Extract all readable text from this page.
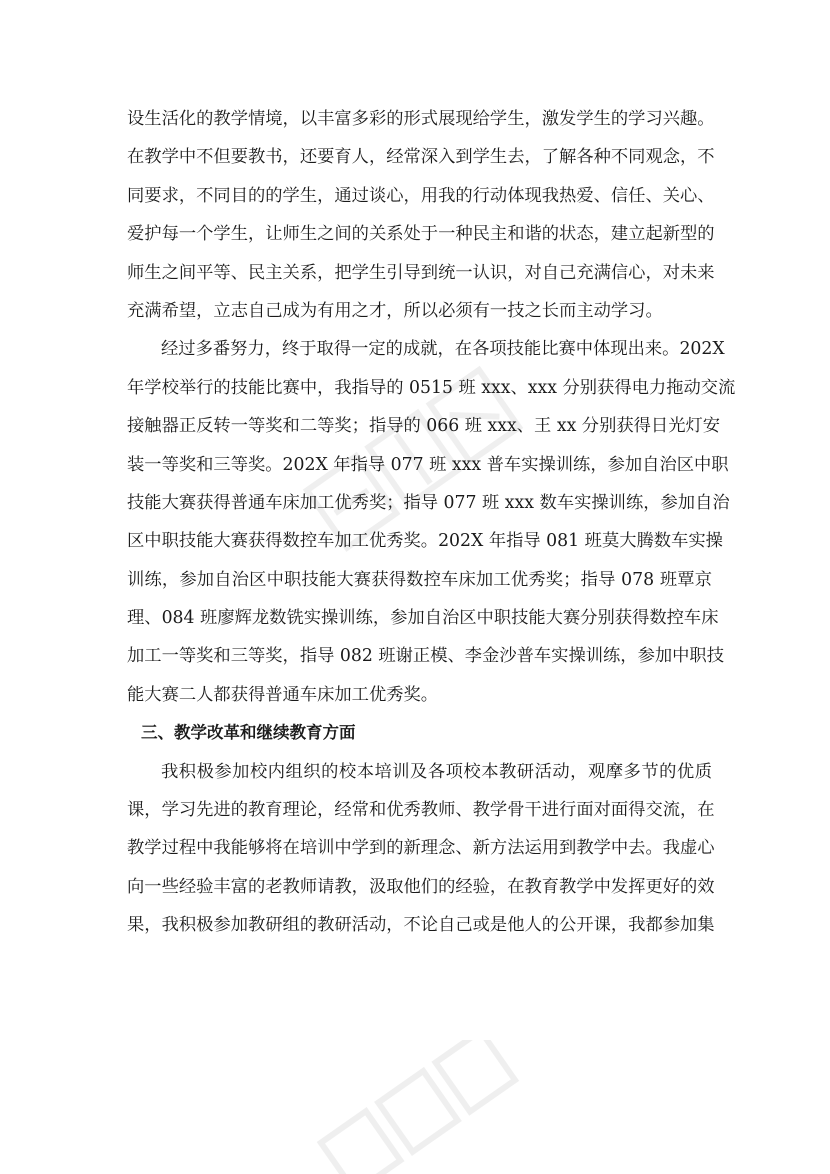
设生活化的教学情境，以丰富多彩的形式展现给学生，激发学生的学习兴趣。
在教学中不但要教书，还要育人，经常深入到学生去，了解各种不同观念，不
同要求，不同目的的学生，通过谈心，用我的行动体现我热爱、信任、关心、
爱护每一个学生，让师生之间的关系处于一种民主和谐的状态，建立起新型的
师生之间平等、民主关系，把学生引导到统一认识，对自己充满信心，对未来
充满希望，立志自己成为有用之才，所以必须有一技之长而主动学习。
经过多番努力，终于取得一定的成就，在各项技能比赛中体现出来。202X
年学校举行的技能比赛中，我指导的 0515 班 xxx、xxx 分别获得电力拖动交流
接触器正反转一等奖和二等奖；指导的 066 班 xxx、王 xx 分别获得日光灯安
装一等奖和三等奖。202X 年指导 077 班 xxx 普车实操训练，参加自治区中职
技能大赛获得普通车床加工优秀奖；指导 077 班 xxx 数车实操训练，参加自治
区中职技能大赛获得数控车加工优秀奖。202X 年指导 081 班莫大腾数车实操
训练，参加自治区中职技能大赛获得数控车床加工优秀奖；指导 078 班覃京
理、084 班廖辉龙数铣实操训练，参加自治区中职技能大赛分别获得数控车床
加工一等奖和三等奖，指导 082 班谢正模、李金沙普车实操训练，参加中职技
能大赛二人都获得普通车床加工优秀奖。
三、教学改革和继续教育方面
我积极参加校内组织的校本培训及各项校本教研活动，观摩多节的优质
课，学习先进的教育理论，经常和优秀教师、教学骨干进行面对面得交流，在
教学过程中我能够将在培训中学到的新理念、新方法运用到教学中去。我虚心
向一些经验丰富的老教师请教，汲取他们的经验，在教育教学中发挥更好的效
果，我积极参加教研组的教研活动，不论自己或是他人的公开课，我都参加集
